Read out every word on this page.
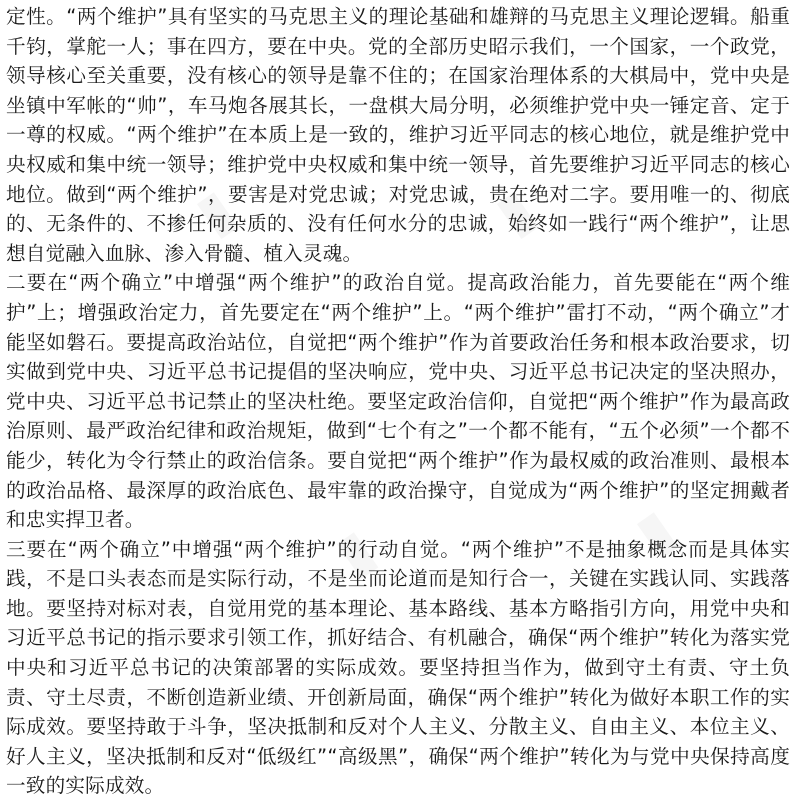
定性。“两个维护”具有坚实的马克思主义的理论基础和雄辩的马克思主义理论逻辑。船重千钧，掌舵一人；事在四方，要在中央。党的全部历史昭示我们，一个国家，一个政党，领导核心至关重要，没有核心的领导是靠不住的；在国家治理体系的大棋局中，党中央是坐镇中军帐的“帅”，车马炮各展其长，一盘棋大局分明，必须维护党中央一锤定音、定于一尊的权威。“两个维护”在本质上是一致的，维护习近平同志的核心地位，就是维护党中央权威和集中统一领导；维护党中央权威和集中统一领导，首先要维护习近平同志的核心地位。做到“两个维护”，要害是对党忠诚；对党忠诚，贵在绝对二字。要用唯一的、彻底的、无条件的、不掺任何杂质的、没有任何水分的忠诚，始终如一践行“两个维护”，让思想自觉融入血脉、渗入骨髓、植入灵魂。

二要在“两个确立”中增强“两个维护”的政治自觉。提高政治能力，首先要能在“两个维护”上；增强政治定力，首先要定在“两个维护”上。“两个维护”雷打不动，“两个确立”才能坚如磐石。要提高政治站位，自觉把“两个维护”作为首要政治任务和根本政治要求，切实做到党中央、习近平总书记提倡的坚决响应，党中央、习近平总书记决定的坚决照办，党中央、习近平总书记禁止的坚决杜绝。要坚定政治信仰，自觉把“两个维护”作为最高政治原则、最严政治纪律和政治规矩，做到“七个有之”一个都不能有，“五个必须”一个都不能少，转化为令行禁止的政治信条。要自觉把“两个维护”作为最权威的政治准则、最根本的政治品格、最深厚的政治底色、最牢靠的政治操守，自觉成为“两个维护”的坚定拥戴者和忠实捍卫者。

三要在“两个确立”中增强“两个维护”的行动自觉。“两个维护”不是抽象概念而是具体实践，不是口头表态而是实际行动，不是坐而论道而是知行合一，关键在实践认同、实践落地。要坚持对标对表，自觉用党的基本理论、基本路线、基本方略指引方向，用党中央和习近平总书记的指示要求引领工作，抓好结合、有机融合，确保“两个维护”转化为落实党中央和习近平总书记的决策部署的实际成效。要坚持担当作为，做到守土有责、守土负责、守土尽责，不断创造新业绩、开创新局面，确保“两个维护”转化为做好本职工作的实际成效。要坚持敢于斗争，坚决抵制和反对个人主义、分散主义、自由主义、本位主义、好人主义，坚决抵制和反对“低级红”“高级黑”，确保“两个维护”转化为与党中央保持高度一致的实际成效。
